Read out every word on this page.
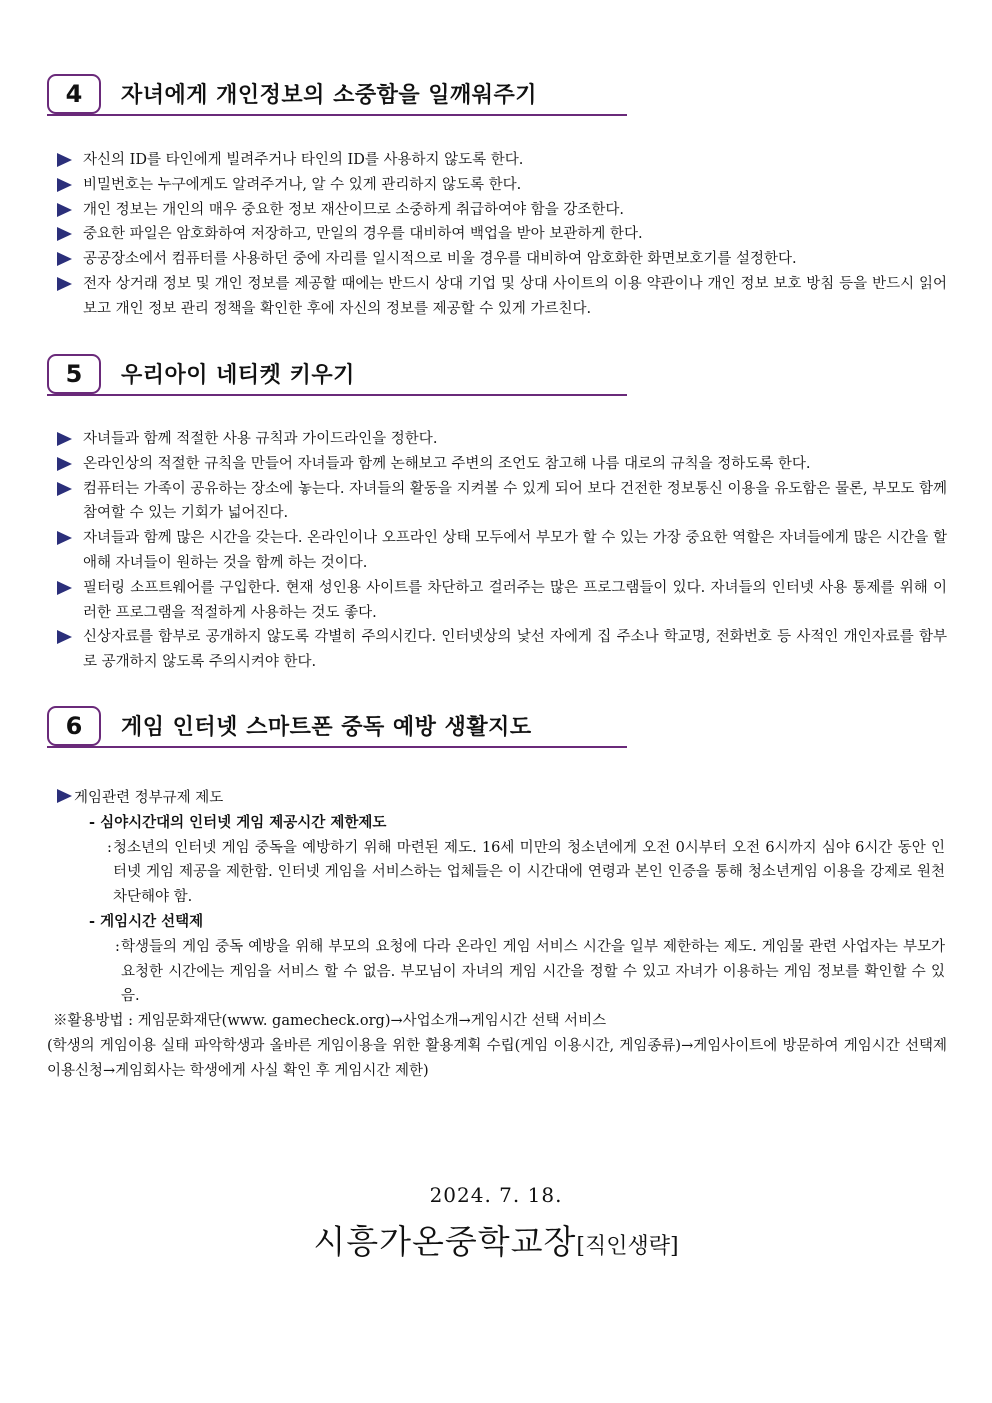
4	자녀에게 개인정보의 소중함을 일깨워주기
자신의 ID를 타인에게 빌려주거나 타인의 ID를 사용하지 않도록 한다.
비밀번호는 누구에게도 알려주거나, 알 수 있게 관리하지 않도록 한다.
개인 정보는 개인의 매우 중요한 정보 재산이므로 소중하게 취급하여야 함을 강조한다.
중요한 파일은 암호화하여 저장하고, 만일의 경우를 대비하여 백업을 받아 보관하게 한다.
공공장소에서 컴퓨터를 사용하던 중에 자리를 일시적으로 비울 경우를 대비하여 암호화한 화면보호기를 설정한다.
전자 상거래 정보 및 개인 정보를 제공할 때에는 반드시 상대 기업 및 상대 사이트의 이용 약관이나 개인 정보 보호 방침 등을 반드시 읽어보고 개인 정보 관리 정책을 확인한 후에 자신의 정보를 제공할 수 있게 가르친다.
5	우리아이 네티켓 키우기
자녀들과 함께 적절한 사용 규칙과 가이드라인을 정한다.
온라인상의 적절한 규칙을 만들어 자녀들과 함께 논해보고 주변의 조언도 참고해 나름 대로의 규칙을 정하도록 한다.
컴퓨터는 가족이 공유하는 장소에 놓는다. 자녀들의 활동을 지켜볼 수 있게 되어 보다 건전한 정보통신 이용을 유도함은 물론, 부모도 함께 참여할 수 있는 기회가 넓어진다.
자녀들과 함께 많은 시간을 갖는다. 온라인이나 오프라인 상태 모두에서 부모가 할 수 있는 가장 중요한 역할은 자녀들에게 많은 시간을 할애해 자녀들이 원하는 것을 함께 하는 것이다.
필터링 소프트웨어를 구입한다. 현재 성인용 사이트를 차단하고 걸러주는 많은 프로그램들이 있다. 자녀들의 인터넷 사용 통제를 위해 이러한 프로그램을 적절하게 사용하는 것도 좋다.
신상자료를 함부로 공개하지 않도록 각별히 주의시킨다. 인터넷상의 낯선 자에게 집 주소나 학교명, 전화번호 등 사적인 개인자료를 함부로 공개하지 않도록 주의시켜야 한다.
6	게임 인터넷 스마트폰 중독 예방 생활지도
게임관련 정부규제 제도
- 심야시간대의 인터넷 게임 제공시간 제한제도
: 청소년의 인터넷 게임 중독을 예방하기 위해 마련된 제도. 16세 미만의 청소년에게 오전 0시부터 오전 6시까지 심야 6시간 동안 인터넷 게임 제공을 제한함. 인터넷 게임을 서비스하는 업체들은 이 시간대에 연령과 본인 인증을 통해 청소년게임 이용을 강제로 원천 차단해야 함.
- 게임시간 선택제
: 학생들의 게임 중독 예방을 위해 부모의 요청에 다라 온라인 게임 서비스 시간을 일부 제한하는 제도. 게임물 관련 사업자는 부모가 요청한 시간에는 게임을 서비스 할 수 없음. 부모님이 자녀의 게임 시간을 정할 수 있고 자녀가 이용하는 게임 정보를 확인할 수 있음.
※활용방법 : 게임문화재단(www. gamecheck.org)→사업소개→게임시간 선택 서비스
(학생의 게임이용 실태 파악학생과 올바른 게임이용을 위한 활용계획 수립(게임 이용시간, 게임종류)→게임사이트에 방문하여 게임시간 선택제 이용신청→게임회사는 학생에게 사실 확인 후 게임시간 제한)
2024. 7. 18.
시흥가온중학교장[직인생략]
